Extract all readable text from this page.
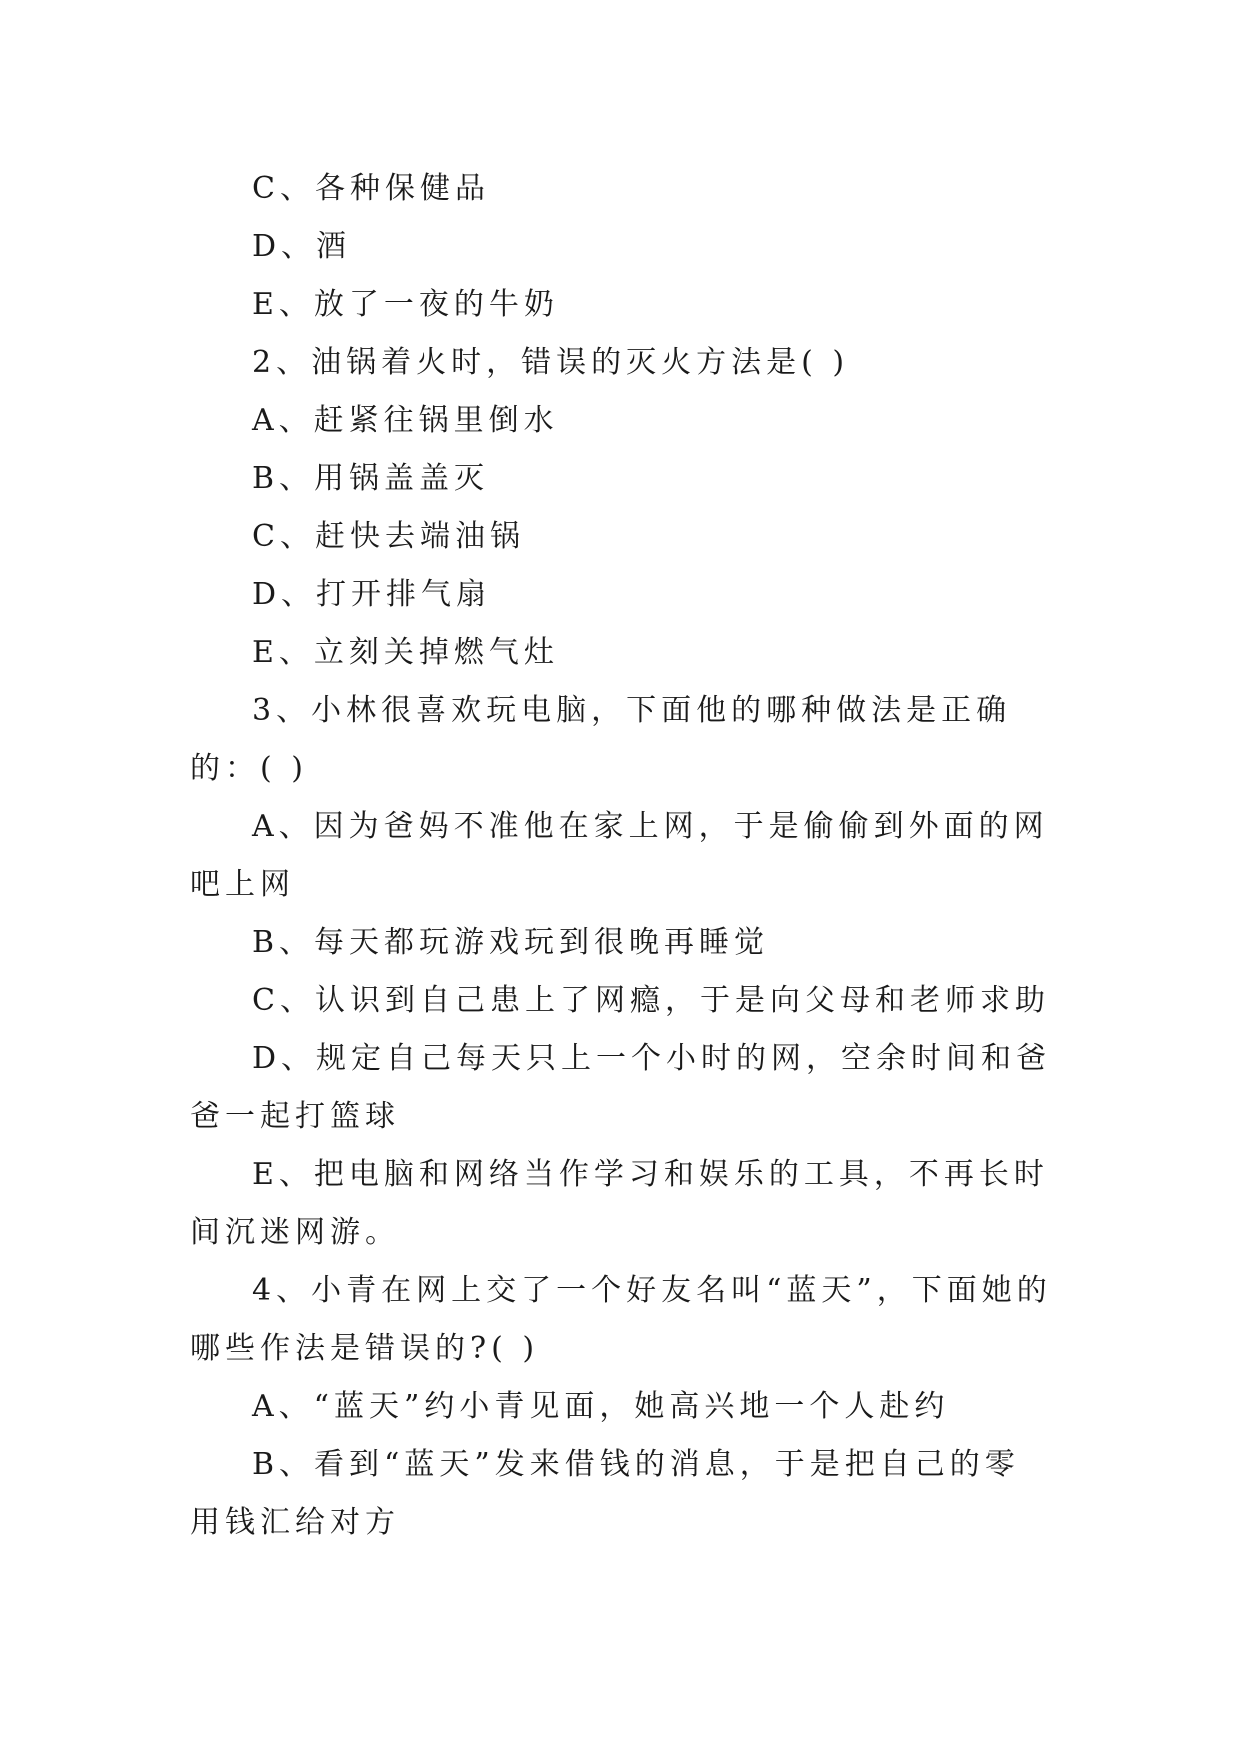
C、各种保健品

D、酒

E、放了一夜的牛奶

2、油锅着火时，错误的灭火方法是( )

A、赶紧往锅里倒水

B、用锅盖盖灭

C、赶快去端油锅

D、打开排气扇

E、立刻关掉燃气灶

3、小林很喜欢玩电脑，下面他的哪种做法是正确的：( )

A、因为爸妈不准他在家上网，于是偷偷到外面的网吧上网

B、每天都玩游戏玩到很晚再睡觉

C、认识到自己患上了网瘾，于是向父母和老师求助

D、规定自己每天只上一个小时的网，空余时间和爸爸一起打篮球

E、把电脑和网络当作学习和娱乐的工具，不再长时间沉迷网游。

4、小青在网上交了一个好友名叫“蓝天”，下面她的哪些作法是错误的?( )

A、“蓝天”约小青见面，她高兴地一个人赴约

B、看到“蓝天”发来借钱的消息，于是把自己的零用钱汇给对方
